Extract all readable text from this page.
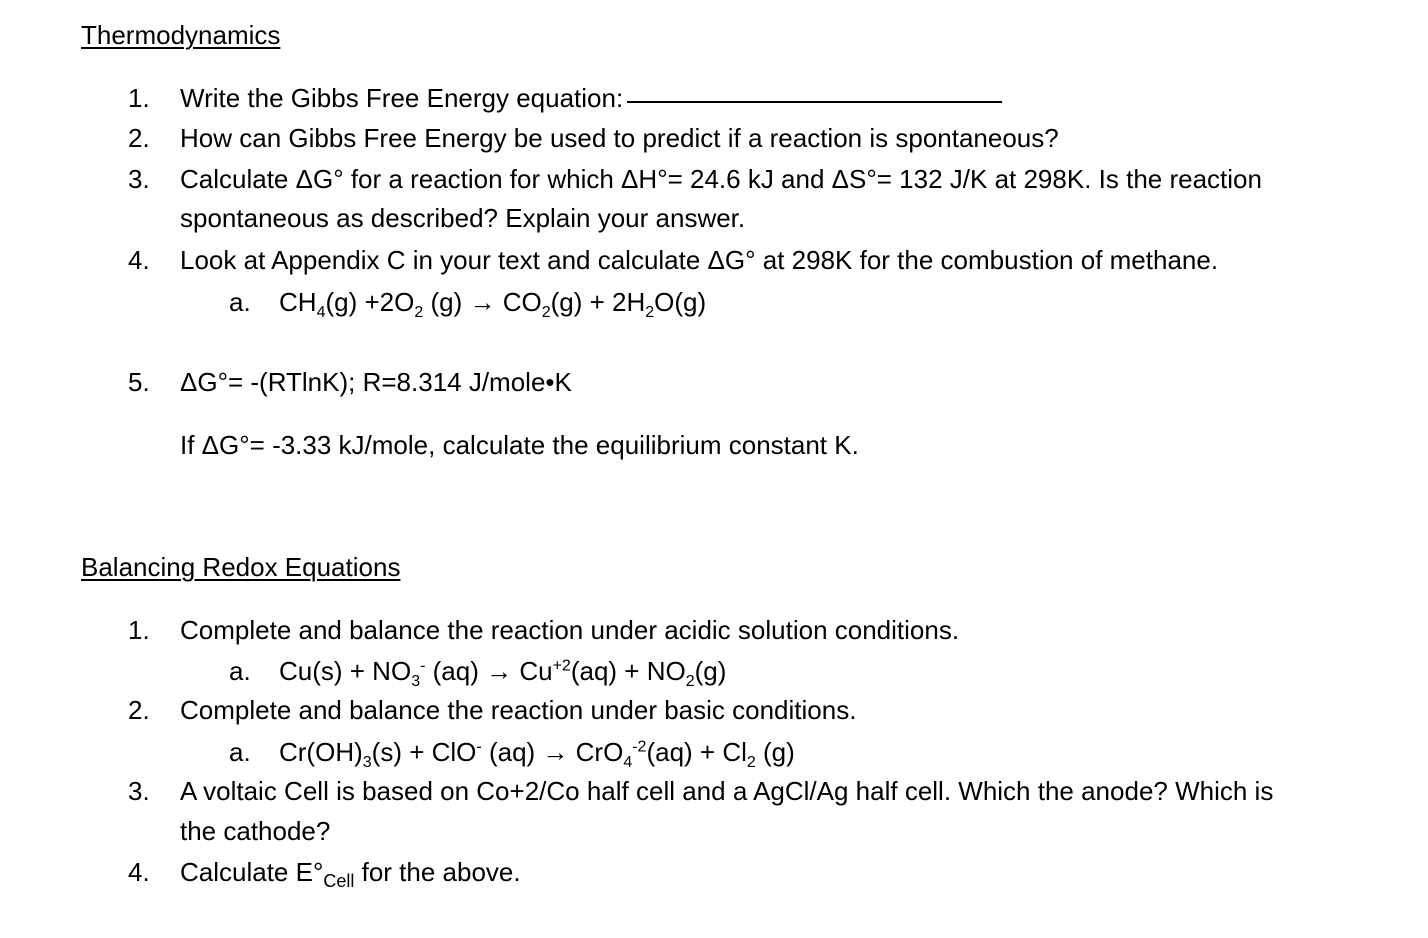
Thermodynamics
1. Write the Gibbs Free Energy equation:
2. How can Gibbs Free Energy be used to predict if a reaction is spontaneous?
3. Calculate ΔG° for a reaction for which ΔH°= 24.6 kJ and ΔS°= 132 J/K at 298K. Is the reaction
spontaneous as described? Explain your answer.
4. Look at Appendix C in your text and calculate ΔG° at 298K for the combustion of methane.
a. $CH_4(g) +2O_2$ $(g) \to CO_2(g) + 2H_2O(g)$
5. ΔG°= -(RTlnK); R=8.314 J/mole•K
If ΔG°= -3.33 kJ/mole, calculate the equilibrium constant K.
Balancing Redox Equations
1. Complete and balance the reaction under acidic solution conditions.
a. $Cu(s) + NO_3^-$ $(aq) \to Cu^{+2}(aq) + NO_2(g)$
2. Complete and balance the reaction under basic conditions.
a. $Cr(OH)_3(s) + ClO^-$ $(aq) \to CrO_4^{-2}(aq) + Cl_2$ (g)
3. A voltaic Cell is based on Co+2/Co half cell and a AgCl/Ag half cell. Which the anode? Which is
the cathode?
4. Calculate $E^\circ_{Cell}$ for the above.
